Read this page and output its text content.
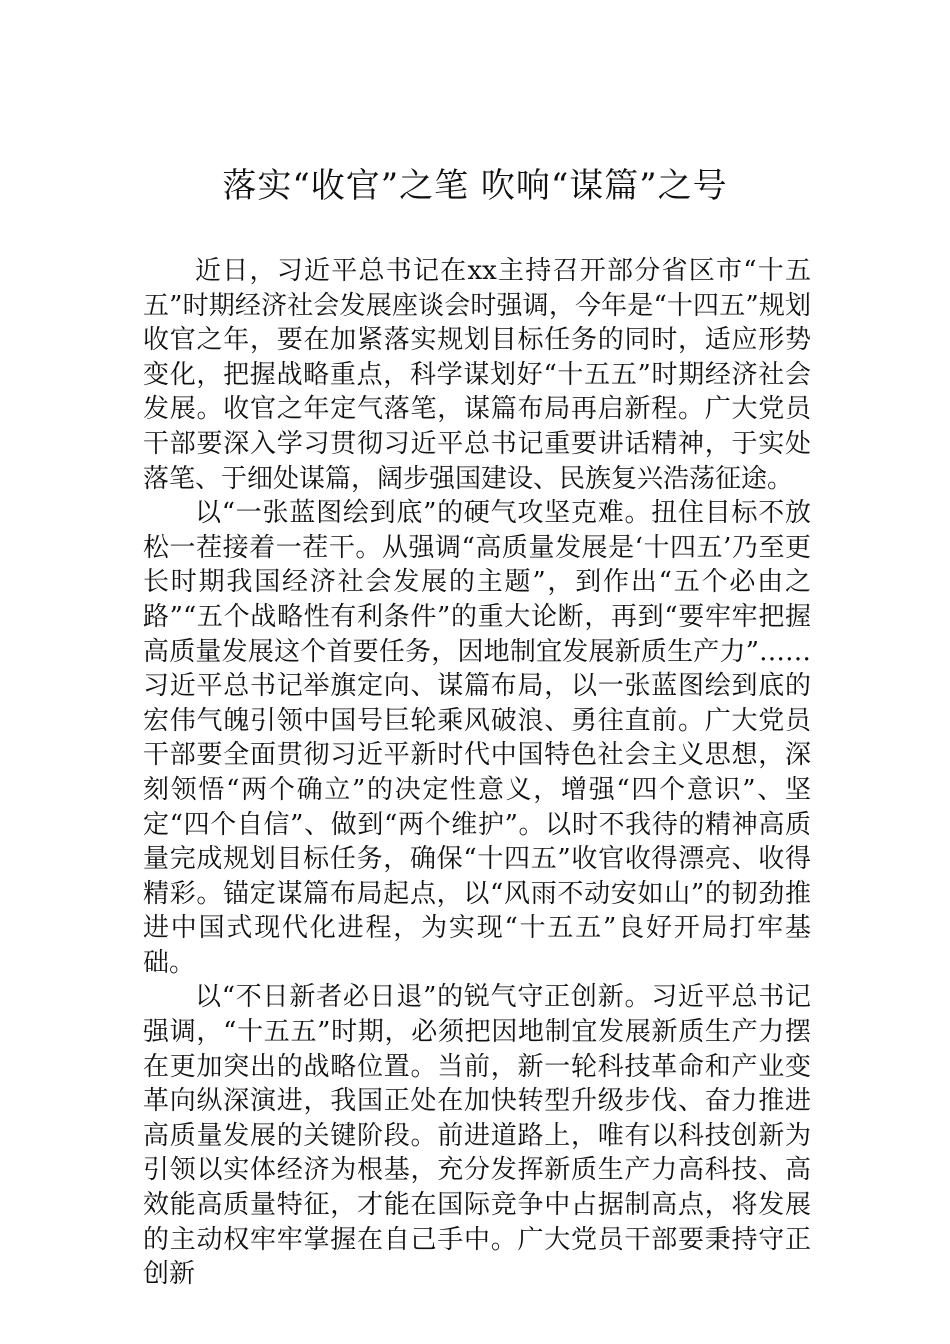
落实“收官”之笔 吹响“谋篇”之号

近日，习近平总书记在xx主持召开部分省区市“十五五”时期经济社会发展座谈会时强调，今年是“十四五”规划收官之年，要在加紧落实规划目标任务的同时，适应形势变化，把握战略重点，科学谋划好“十五五”时期经济社会发展。收官之年定气落笔，谋篇布局再启新程。广大党员干部要深入学习贯彻习近平总书记重要讲话精神，于实处落笔、于细处谋篇，阔步强国建设、民族复兴浩荡征途。

以“一张蓝图绘到底”的硬气攻坚克难。扭住目标不放松一茬接着一茬干。从强调“高质量发展是‘十四五’乃至更长时期我国经济社会发展的主题”，到作出“五个必由之路”“五个战略性有利条件”的重大论断，再到“要牢牢把握高质量发展这个首要任务，因地制宜发展新质生产力”……习近平总书记举旗定向、谋篇布局，以一张蓝图绘到底的宏伟气魄引领中国号巨轮乘风破浪、勇往直前。广大党员干部要全面贯彻习近平新时代中国特色社会主义思想，深刻领悟“两个确立”的决定性意义，增强“四个意识”、坚定“四个自信”、做到“两个维护”。以时不我待的精神高质量完成规划目标任务，确保“十四五”收官收得漂亮、收得精彩。锚定谋篇布局起点，以“风雨不动安如山”的韧劲推进中国式现代化进程，为实现“十五五”良好开局打牢基础。

以“不日新者必日退”的锐气守正创新。习近平总书记强调，“十五五”时期，必须把因地制宜发展新质生产力摆在更加突出的战略位置。当前，新一轮科技革命和产业变革向纵深演进，我国正处在加快转型升级步伐、奋力推进高质量发展的关键阶段。前进道路上，唯有以科技创新为引领以实体经济为根基，充分发挥新质生产力高科技、高效能高质量特征，才能在国际竞争中占据制高点，将发展的主动权牢牢掌握在自己手中。广大党员干部要秉持守正创新
